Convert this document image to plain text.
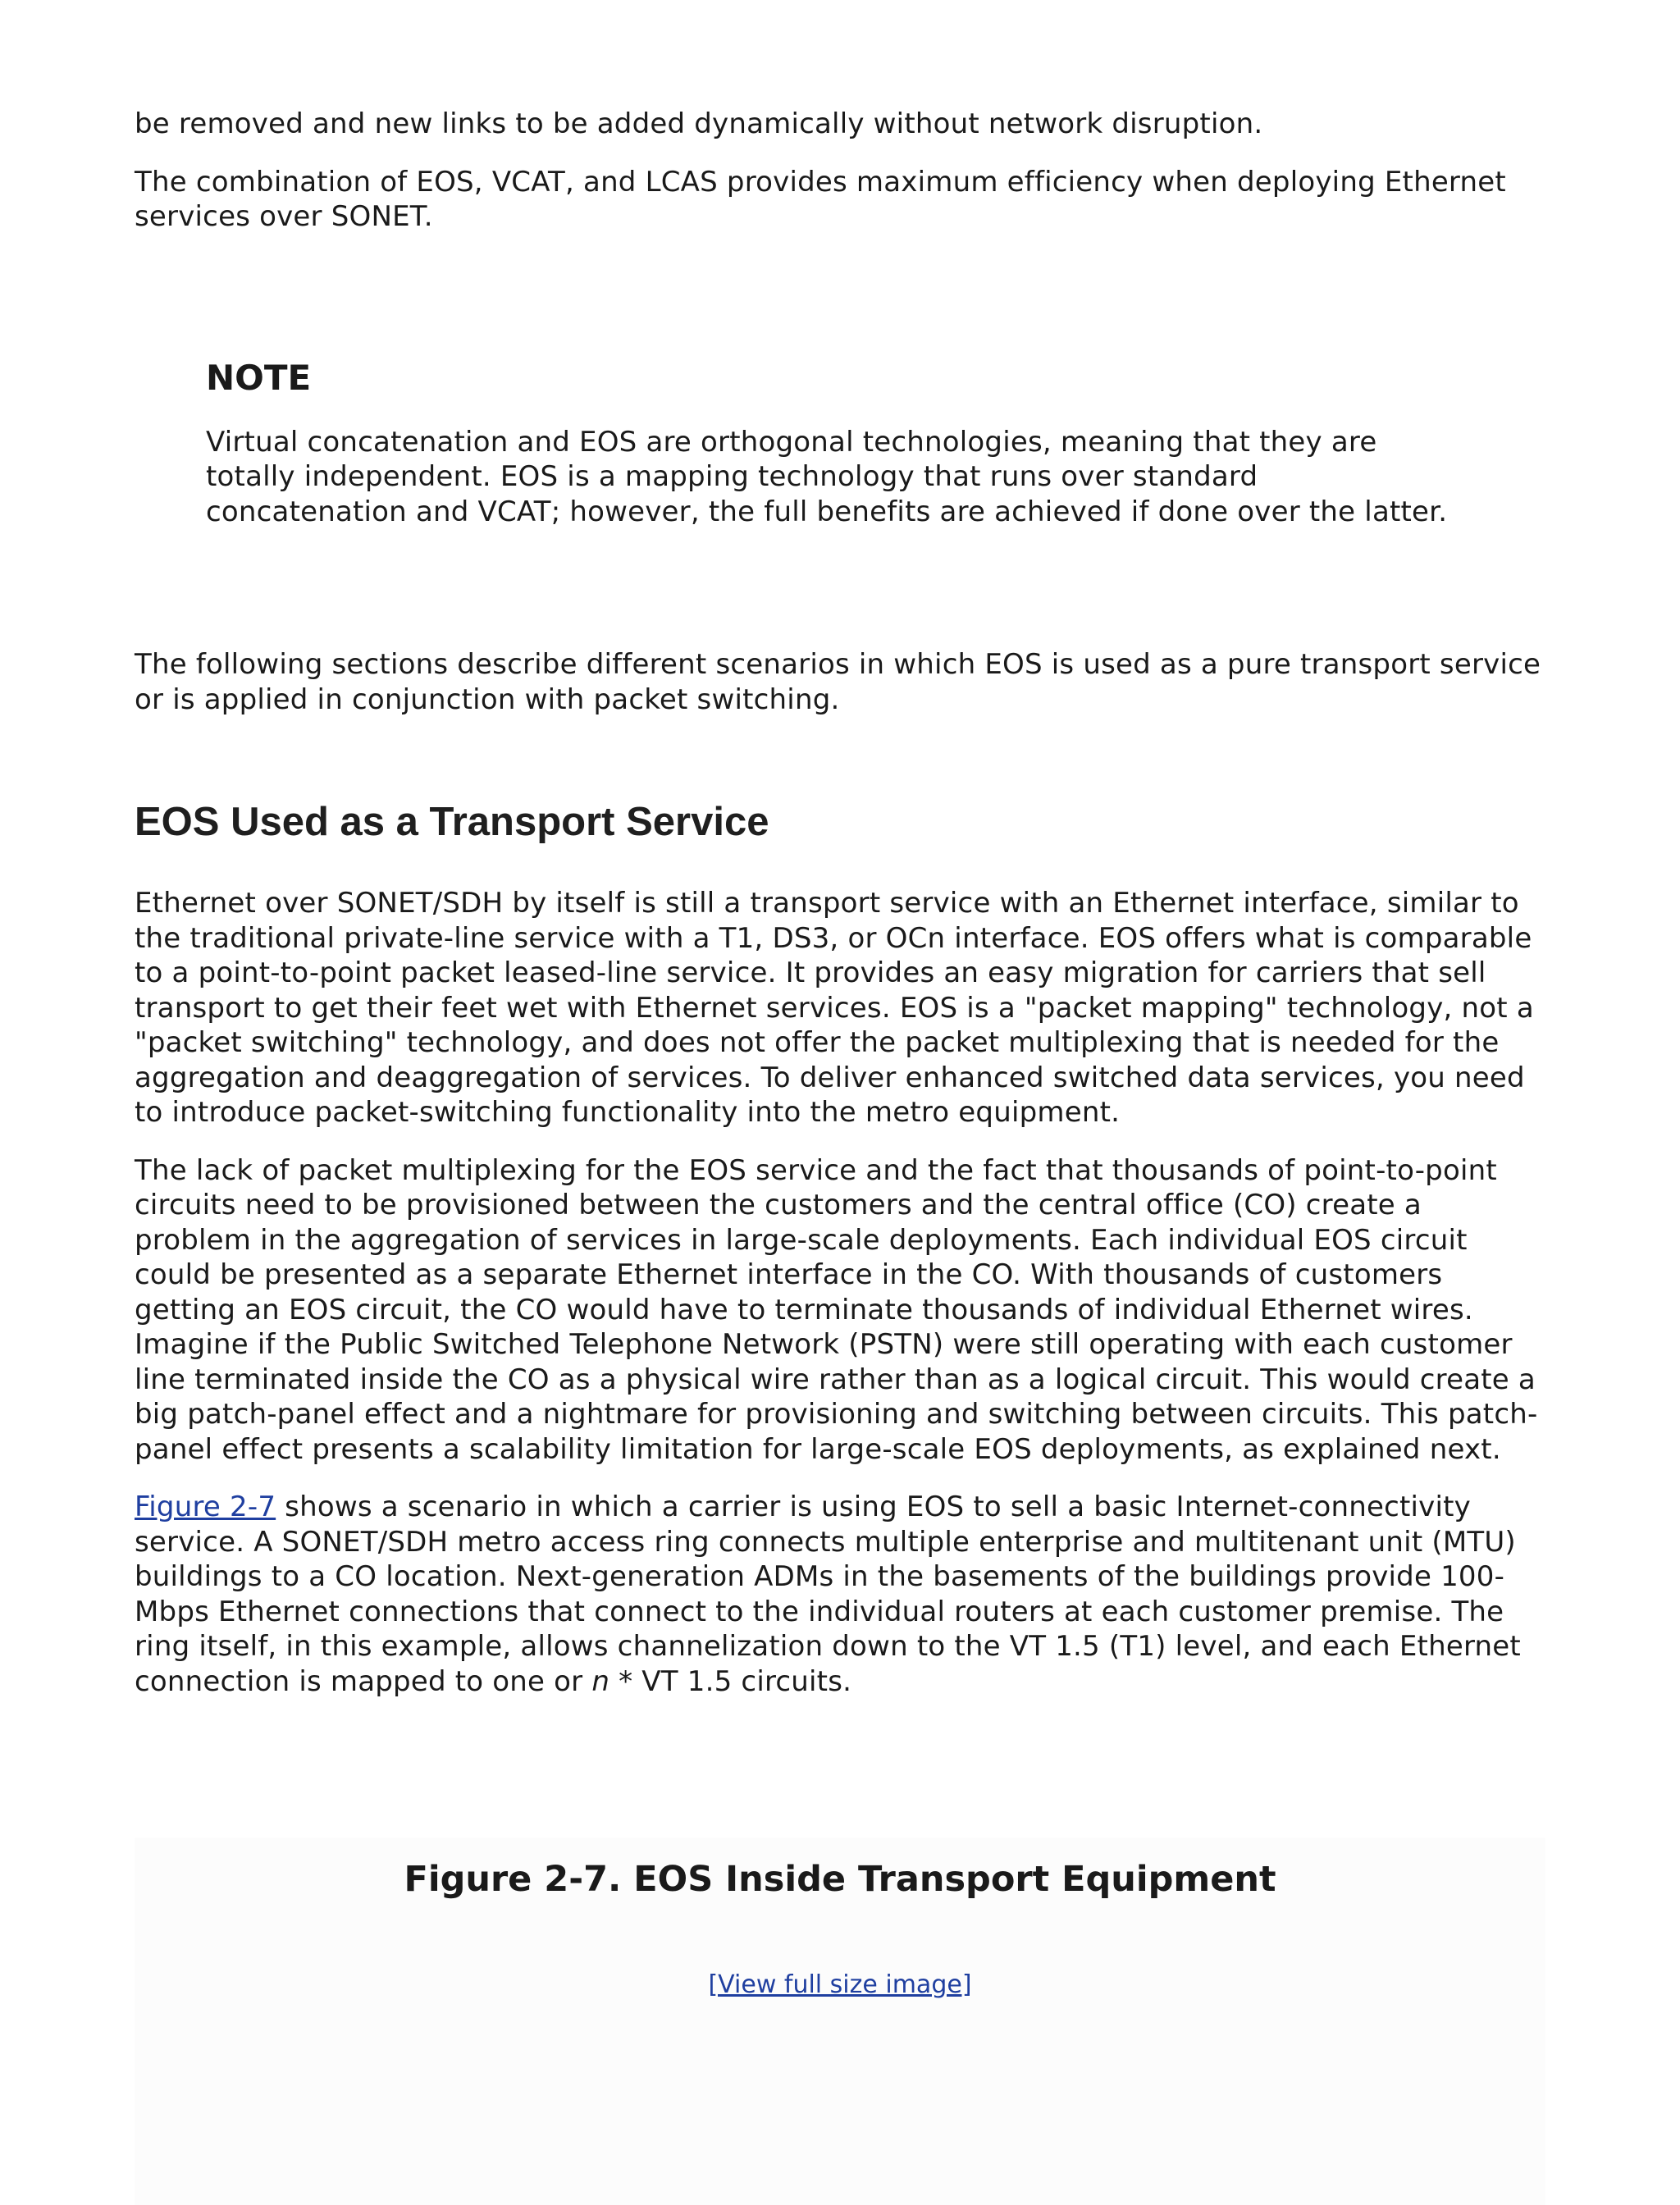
be removed and new links to be added dynamically without network disruption.

The combination of EOS, VCAT, and LCAS provides maximum efficiency when deploying Ethernet services over SONET.

NOTE

Virtual concatenation and EOS are orthogonal technologies, meaning that they are totally independent. EOS is a mapping technology that runs over standard concatenation and VCAT; however, the full benefits are achieved if done over the latter.

The following sections describe different scenarios in which EOS is used as a pure transport service or is applied in conjunction with packet switching.

EOS Used as a Transport Service

Ethernet over SONET/SDH by itself is still a transport service with an Ethernet interface, similar to the traditional private-line service with a T1, DS3, or OCn interface. EOS offers what is comparable to a point-to-point packet leased-line service. It provides an easy migration for carriers that sell transport to get their feet wet with Ethernet services. EOS is a "packet mapping" technology, not a "packet switching" technology, and does not offer the packet multiplexing that is needed for the aggregation and deaggregation of services. To deliver enhanced switched data services, you need to introduce packet-switching functionality into the metro equipment.

The lack of packet multiplexing for the EOS service and the fact that thousands of point-to-point circuits need to be provisioned between the customers and the central office (CO) create a problem in the aggregation of services in large-scale deployments. Each individual EOS circuit could be presented as a separate Ethernet interface in the CO. With thousands of customers getting an EOS circuit, the CO would have to terminate thousands of individual Ethernet wires. Imagine if the Public Switched Telephone Network (PSTN) were still operating with each customer line terminated inside the CO as a physical wire rather than as a logical circuit. This would create a big patch-panel effect and a nightmare for provisioning and switching between circuits. This patch-panel effect presents a scalability limitation for large-scale EOS deployments, as explained next.

Figure 2-7 shows a scenario in which a carrier is using EOS to sell a basic Internet-connectivity service. A SONET/SDH metro access ring connects multiple enterprise and multitenant unit (MTU) buildings to a CO location. Next-generation ADMs in the basements of the buildings provide 100-Mbps Ethernet connections that connect to the individual routers at each customer premise. The ring itself, in this example, allows channelization down to the VT 1.5 (T1) level, and each Ethernet connection is mapped to one or n * VT 1.5 circuits.

Figure 2-7. EOS Inside Transport Equipment
[View full size image]
